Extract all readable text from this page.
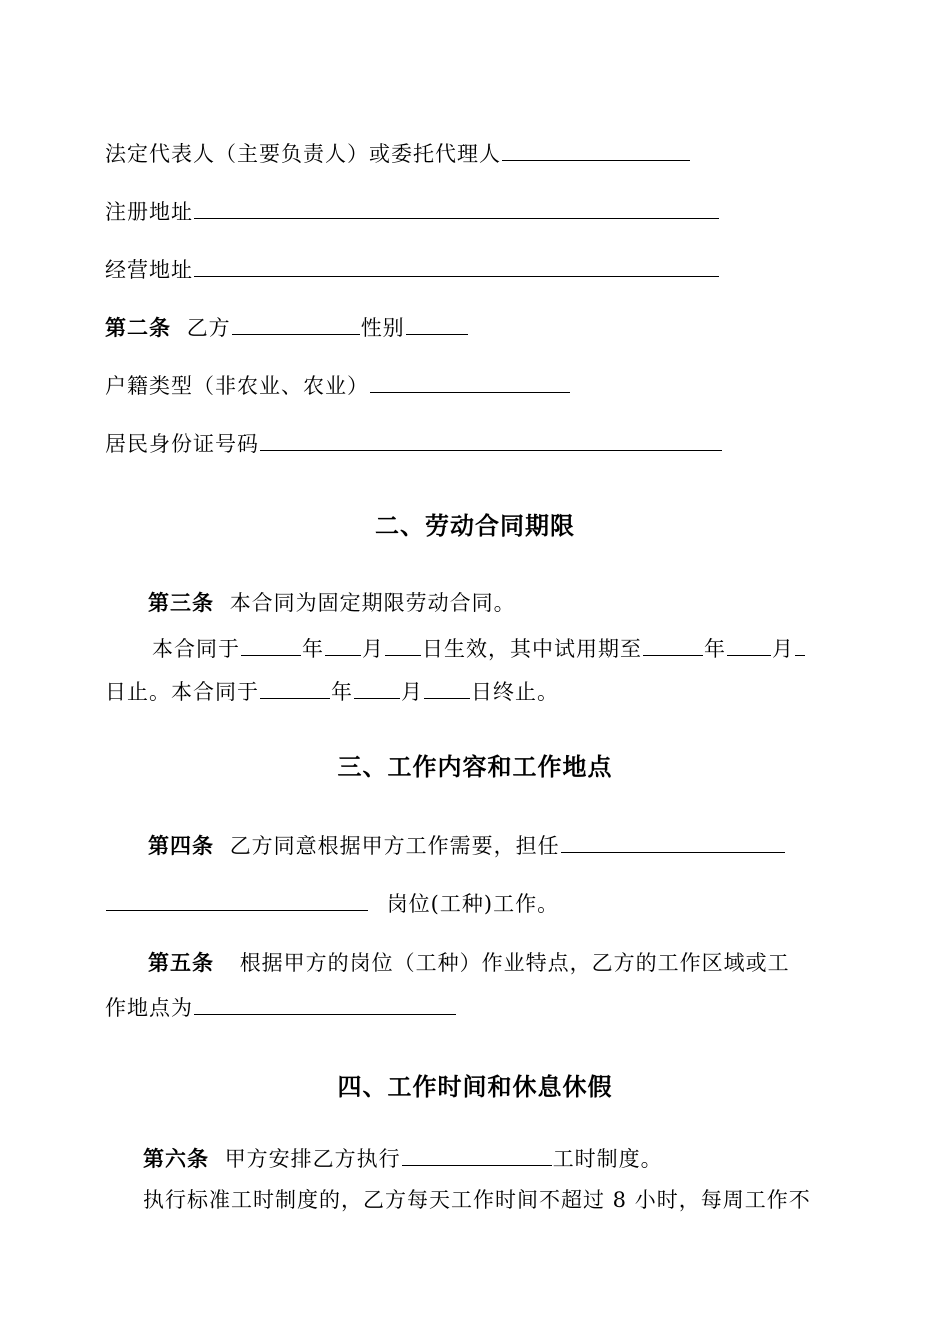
法定代表人（主要负责人）或委托代理人
注册地址
经营地址
第二条 乙方	性别
户籍类型（非农业、农业）
居民身份证号码
二、劳动合同期限
第三条 本合同为固定期限劳动合同。
本合同于	年 月 日生效，其中试用期至	年 月
日止。本合同于	年 月 日终止。
三、工作内容和工作地点
第四条 乙方同意根据甲方工作需要，担任
岗位(工种)工作。
第五条 根据甲方的岗位（工种）作业特点，乙方的工作区域或工
作地点为
四、工作时间和休息休假
第六条 甲方安排乙方执行	工时制度。
执行标准工时制度的，乙方每天工作时间不超过 8 小时，每周工作不
